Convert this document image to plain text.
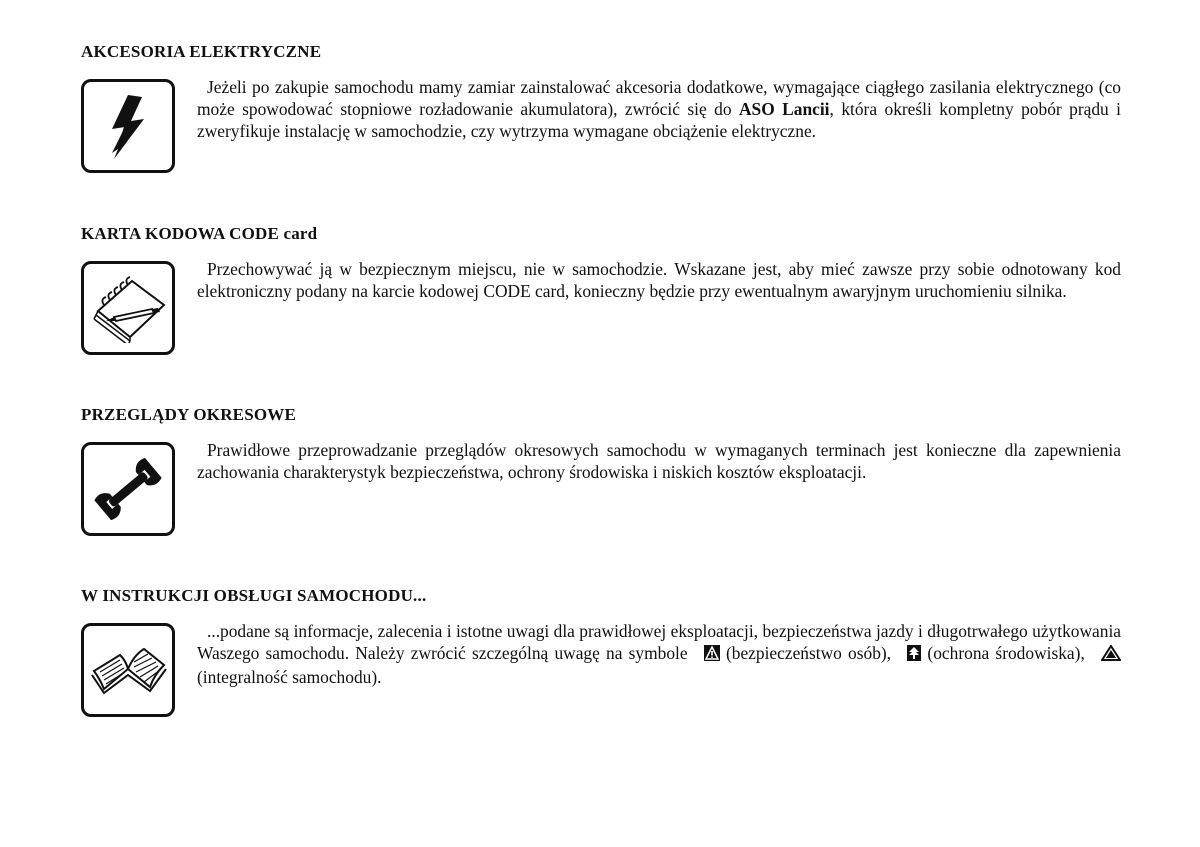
AKCESORIA ELEKTRYCZNE

Jeżeli po zakupie samochodu mamy zamiar zainstalować akcesoria dodatkowe, wymagające ciągłego zasilania elektrycznego (co może spowodować stopniowe rozładowanie akumulatora), zwrócić się do ASO Lancii, która określi kompletny pobór prądu i zweryfikuje instalację w samochodzie, czy wytrzyma wymagane obciążenie elektryczne.

KARTA KODOWA CODE card

Przechowywać ją w bezpiecznym miejscu, nie w samochodzie. Wskazane jest, aby mieć zawsze przy sobie odnotowany kod elektroniczny podany na karcie kodowej CODE card, konieczny będzie przy ewentualnym awaryjnym uruchomieniu silnika.

PRZEGLĄDY OKRESOWE

Prawidłowe przeprowadzanie przeglądów okresowych samochodu w wymaganych terminach jest konieczne dla zapewnienia zachowania charakterystyk bezpieczeństwa, ochrony środowiska i niskich kosztów eksploatacji.

W INSTRUKCJI OBSŁUGI SAMOCHODU...

...podane są informacje, zalecenia i istotne uwagi dla prawidłowej eksploatacji, bezpieczeństwa jazdy i długotrwałego użytkowania Waszego samochodu. Należy zwrócić szczególną uwagę na symbole  (bezpieczeństwo osób),  (ochrona środowiska),  (integralność samochodu).
